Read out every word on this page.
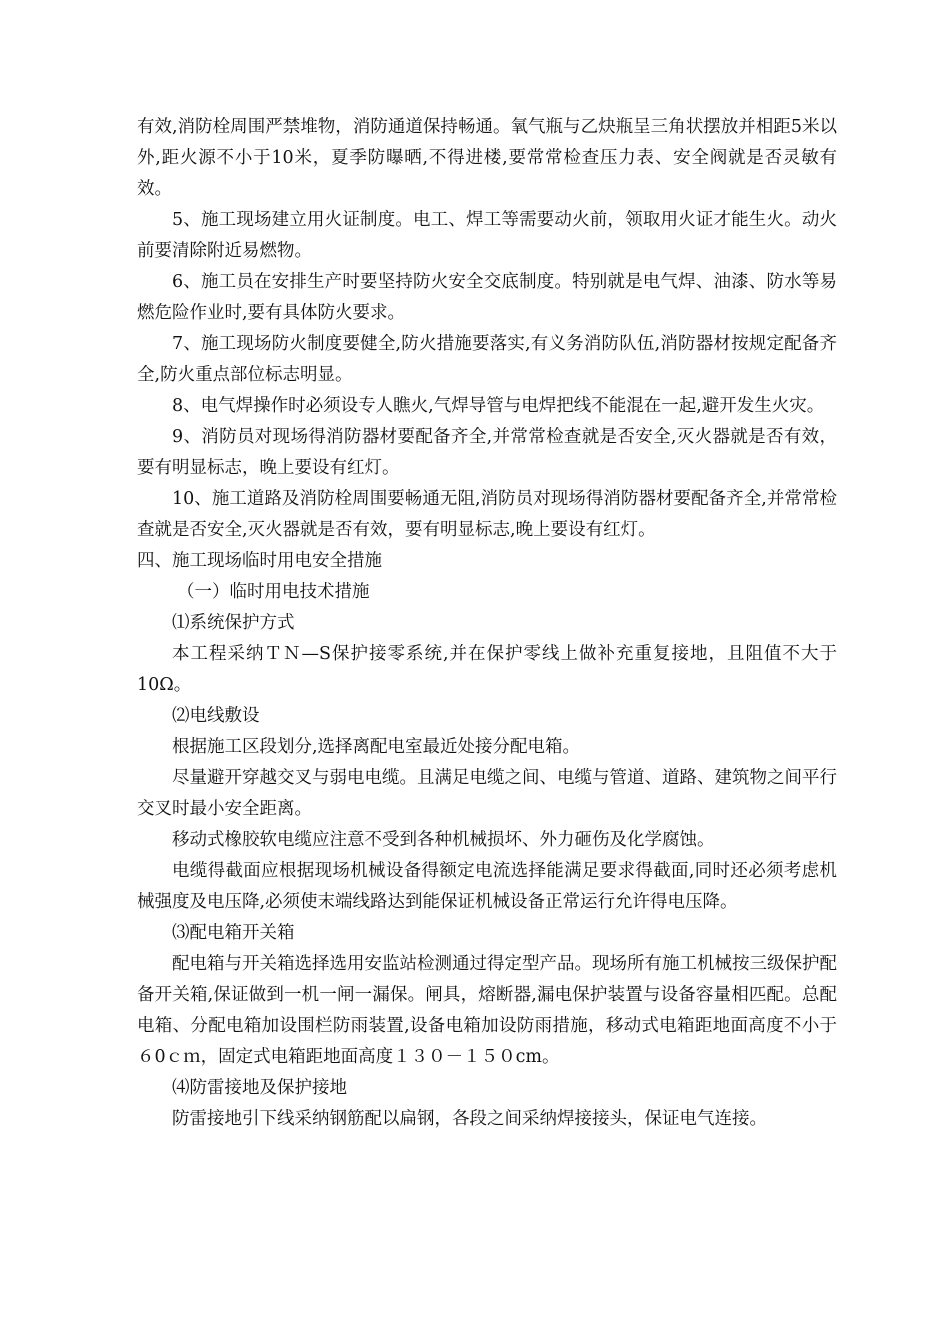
有效,消防栓周围严禁堆物，消防通道保持畅通。氧气瓶与乙炔瓶呈三角状摆放并相距5米以外,距火源不小于10米，夏季防曝晒,不得进楼,要常常检查压力表、安全阀就是否灵敏有效。

5、施工现场建立用火证制度。电工、焊工等需要动火前，领取用火证才能生火。动火前要清除附近易燃物。

6、施工员在安排生产时要坚持防火安全交底制度。特别就是电气焊、油漆、防水等易燃危险作业时,要有具体防火要求。

7、施工现场防火制度要健全,防火措施要落实,有义务消防队伍,消防器材按规定配备齐全,防火重点部位标志明显。

8、电气焊操作时必须设专人瞧火,气焊导管与电焊把线不能混在一起,避开发生火灾。

9、消防员对现场得消防器材要配备齐全,并常常检查就是否安全,灭火器就是否有效，要有明显标志，晚上要设有红灯。

10、施工道路及消防栓周围要畅通无阻,消防员对现场得消防器材要配备齐全,并常常检查就是否安全,灭火器就是否有效，要有明显标志,晚上要设有红灯。

四、施工现场临时用电安全措施

（一）临时用电技术措施

⑴系统保护方式

本工程采纳ＴＮ—S保护接零系统,并在保护零线上做补充重复接地，且阻值不大于10Ω。

⑵电线敷设

根据施工区段划分,选择离配电室最近处接分配电箱。

尽量避开穿越交叉与弱电电缆。且满足电缆之间、电缆与管道、道路、建筑物之间平行交叉时最小安全距离。

移动式橡胶软电缆应注意不受到各种机械损坏、外力砸伤及化学腐蚀。

电缆得截面应根据现场机械设备得额定电流选择能满足要求得截面,同时还必须考虑机械强度及电压降,必须使末端线路达到能保证机械设备正常运行允许得电压降。

⑶配电箱开关箱

配电箱与开关箱选择选用安监站检测通过得定型产品。现场所有施工机械按三级保护配备开关箱,保证做到一机一闸一漏保。闸具，熔断器,漏电保护装置与设备容量相匹配。总配电箱、分配电箱加设围栏防雨装置,设备电箱加设防雨措施，移动式电箱距地面高度不小于６0ｃｍ，固定式电箱距地面高度１３０－１５０cm。

⑷防雷接地及保护接地

防雷接地引下线采纳钢筋配以扁钢，各段之间采纳焊接接头，保证电气连接。
